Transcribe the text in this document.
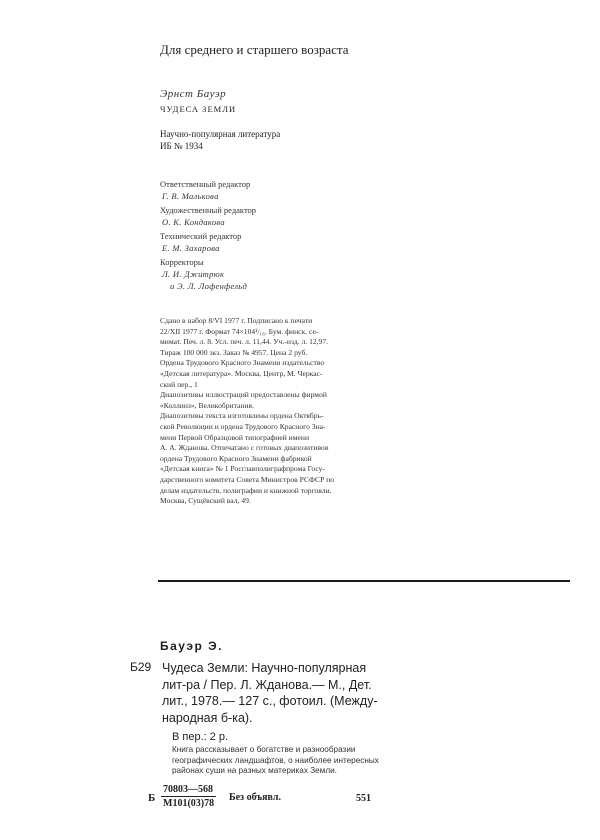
Для среднего и старшего возраста
Эрнст Бауэр
ЧУДЕСА ЗЕМЛИ
Научно-популярная литература
ИБ № 1934
Ответственный редактор
Г. В. Малькова
Художественный редактор
О. К. Кондакова
Технический редактор
Е. М. Захарова
Корректоры
Л. И. Джитрюк
и Э. Л. Лофенфельд
Сдано в набор 8/VI 1977 г. Подписано к печати
22/XII 1977 г. Формат 74×104¹/₁₆. Бум. финск. се-
мимат. Печ. л. 8. Усл. печ. л. 11,44. Уч.-изд. л. 12,97.
Тираж 100 000 экз. Заказ № 4957. Цена 2 руб.
Ордена Трудового Красного Знамени издательство
«Детская литература». Москва, Центр, М. Черкас-
ский пер., 1
Диапозитивы иллюстраций предоставлены фирмой
«Коллинз», Великобритания.
Диапозитивы текста изготовлены ордена Октябрь-
ской Революции и ордена Трудового Красного Зна-
мени Первой Образцовой типографией имени
А. А. Жданова. Отпечатано с готовых диапозитивов
ордена Трудового Красного Знамени фабрикой
«Детская книга» № 1 Росглавполиграфпрома Госу-
дарственного комитета Совета Министров РСФСР по
делам издательств, полиграфии и книжной торговли.
Москва, Сущёвский вал, 49.
Бауэр Э.
Б29 Чудеса Земли: Научно-популярная
лит-ра / Пер. Л. Жданова.— М., Дет.
лит., 1978.— 127 с., фотоил. (Между-
народная б-ка).
В пер.: 2 р.
Книга рассказывает о богатстве и разнообразии
географических ландшафтов, о наиболее интересных
районах суши на разных материках Земли.
Б
70803—568
М101(03)78
Без объявл.	551
